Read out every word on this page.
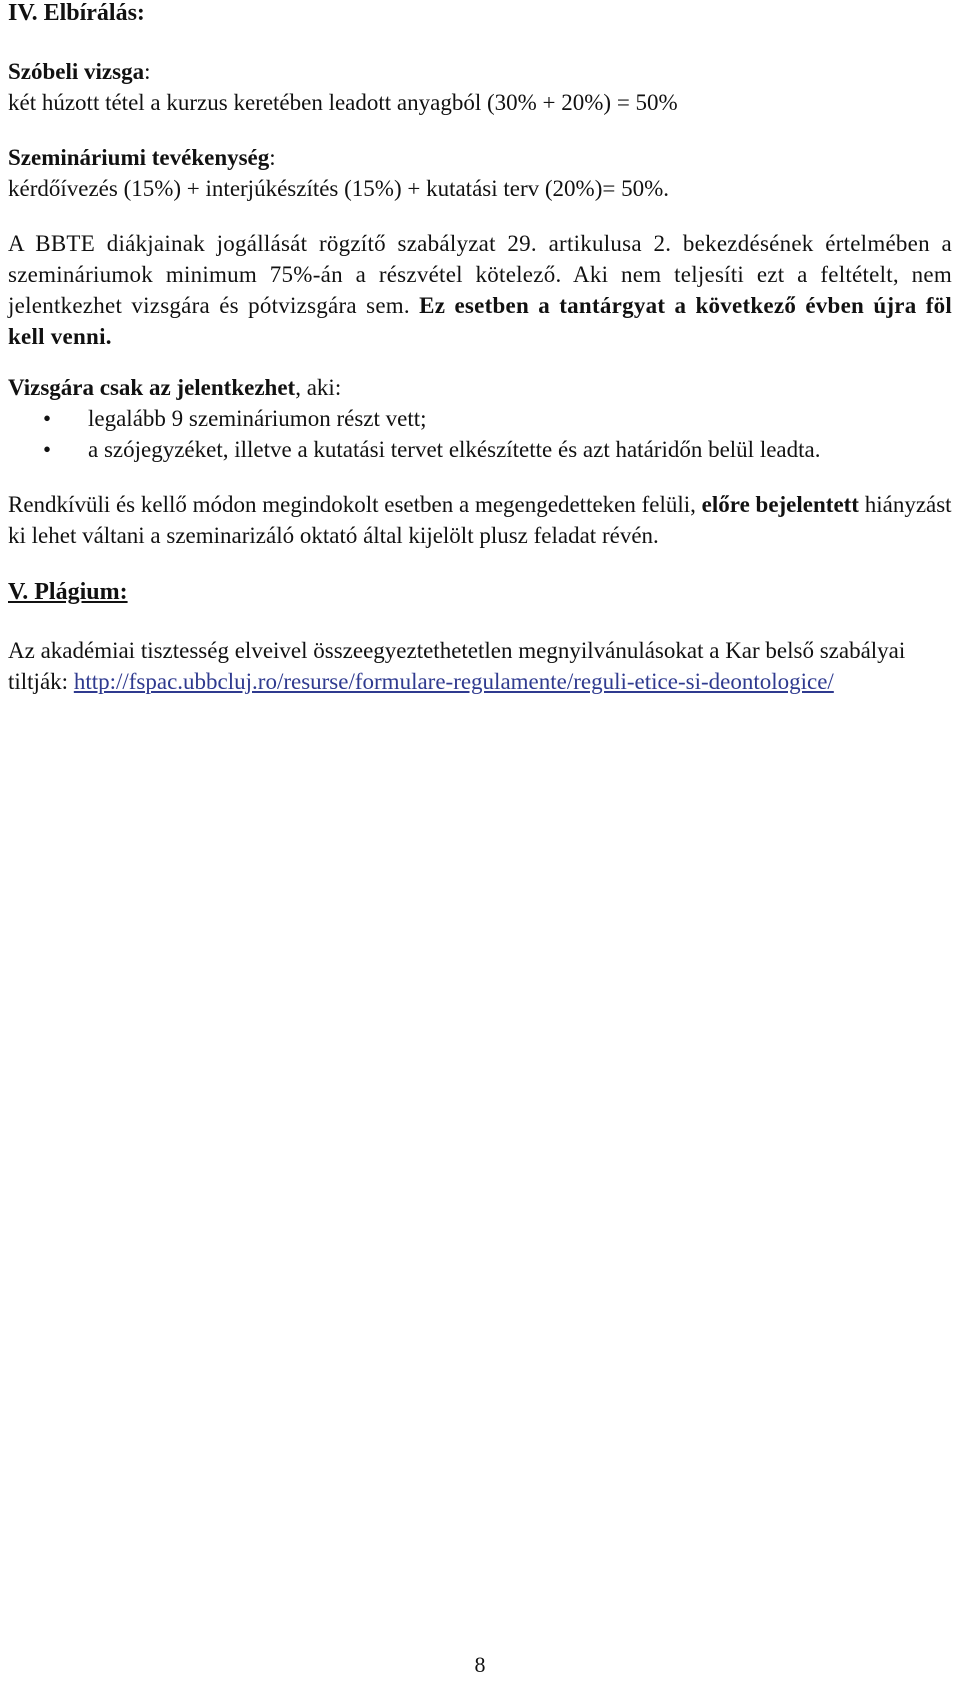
IV. Elbírálás:

Szóbeli vizsga:
két húzott tétel a kurzus keretében leadott anyagból (30% + 20%) = 50%

Szemináriumi tevékenység:
kérdőívezés (15%) + interjúkészítés (15%) + kutatási terv (20%)= 50%.

A BBTE diákjainak jogállását rögzítő szabályzat 29. artikulusa 2. bekezdésének értelmében a szemináriumok minimum 75%-án a részvétel kötelező. Aki nem teljesíti ezt a feltételt, nem jelentkezhet vizsgára és pótvizsgára sem. Ez esetben a tantárgyat a következő évben újra föl kell venni.

Vizsgára csak az jelentkezhet, aki:

• legalább 9 szemináriumon részt vett;
• a szójegyzéket, illetve a kutatási tervet elkészítette és azt határidőn belül leadta.

Rendkívüli és kellő módon megindokolt esetben a megengedetteken felüli, előre bejelentett hiányzást ki lehet váltani a szeminarizáló oktató által kijelölt plusz feladat révén.

V. Plágium:

Az akadémiai tisztesség elveivel összeegyeztethetetlen megnyilvánulásokat a Kar belső szabályai tiltják: http://fspac.ubbcluj.ro/resurse/formulare-regulamente/reguli-etice-si-deontologice/

8
